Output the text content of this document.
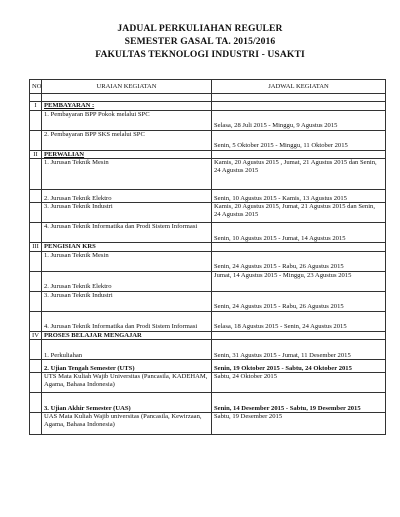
JADUAL PERKULIAHAN REGULER
SEMESTER GASAL TA. 2015/2016
FAKULTAS TEKNOLOGI INDUSTRI - USAKTI
NO	URAIAN KEGIATAN	JADWAL KEGIATAN

I	PEMBAYARAN :	
	1. Pembayaran BPP Pokok melalui SPC	Selasa, 28 Juli 2015 - Minggu, 9 Agustus 2015
	2. Pembayaran BPP SKS melalui SPC	Senin, 5 Oktober 2015 - Minggu, 11 Oktober 2015
II	PERWALIAN	
	1. Jurusan Teknik Mesin	Kamis, 20 Agustus 2015 , Jumat, 21 Agustus 2015 dan Senin, 24 Agustus 2015
	2. Jurusan Teknik Elektro	Senin, 10 Agustus 2015 - Kamis, 13 Agustus 2015
	3. Jurusan Teknik Industri	Kamis, 20 Agustus 2015, Jumat, 21 Agustus 2015 dan Senin, 24 Agustus 2015
	4. Jurusan Teknik Informatika dan Prodi Sistem Informasi	Senin, 10 Agustus 2015 - Jumat, 14 Agustus 2015
III	PENGISIAN KRS	
	1. Jurusan Teknik Mesin	Senin, 24 Agustus 2015 - Rabu, 26 Agustus 2015
	2. Jurusan Teknik Elektro	Jumat, 14 Agustus 2015 - Minggu, 23 Agustus 2015
	3. Jurusan Teknik Industri	Senin, 24 Agustus 2015 - Rabu, 26 Agustus 2015
	4. Jurusan Teknik Informatika dan Prodi Sistem Informasi	Selasa, 18 Agustus 2015 - Senin, 24 Agustus 2015
IV	PROSES BELAJAR MENGAJAR	
	1. Perkuliahan	Senin, 31 Agustus 2015 - Jumat, 11 Desember 2015
	2. Ujian Tengah Semester (UTS)	Senin, 19 Oktober 2015 - Sabtu, 24 Oktober 2015
	UTS Mata Kuliah Wajib Universitas (Pancasila, KADEHAM, Agama, Bahasa Indonesia)	Sabtu, 24 Oktober 2015
	3. Ujian Akhir Semester (UAS)	Senin, 14 Desember 2015 - Sabtu, 19 Desember 2015
	UAS Mata Kuliah Wajib universitas (Pancasila, Kewirzaan, Agama, Bahasa Indonesia)	Sabtu, 19 Desember 2015
